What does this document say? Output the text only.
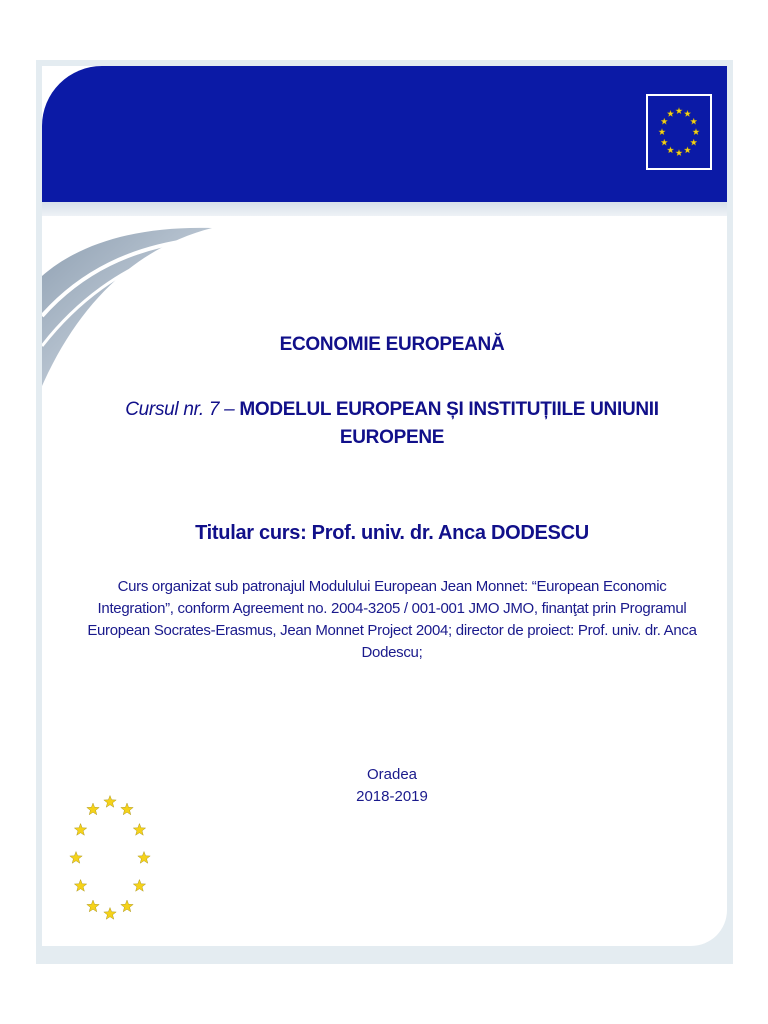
ECONOMIE EUROPEANĂ
Cursul nr. 7 – MODELUL EUROPEAN ȘI INSTITUȚIILE UNIUNII EUROPENE
Titular curs: Prof. univ. dr. Anca DODESCU
Curs organizat sub patronajul Modulului European Jean Monnet: “European Economic Integration”, conform Agreement no. 2004-3205 / 001-001 JMO JMO, finanţat prin Programul European Socrates-Erasmus, Jean Monnet Project 2004; director de proiect: Prof. univ. dr. Anca Dodescu;
Oradea
2018-2019
